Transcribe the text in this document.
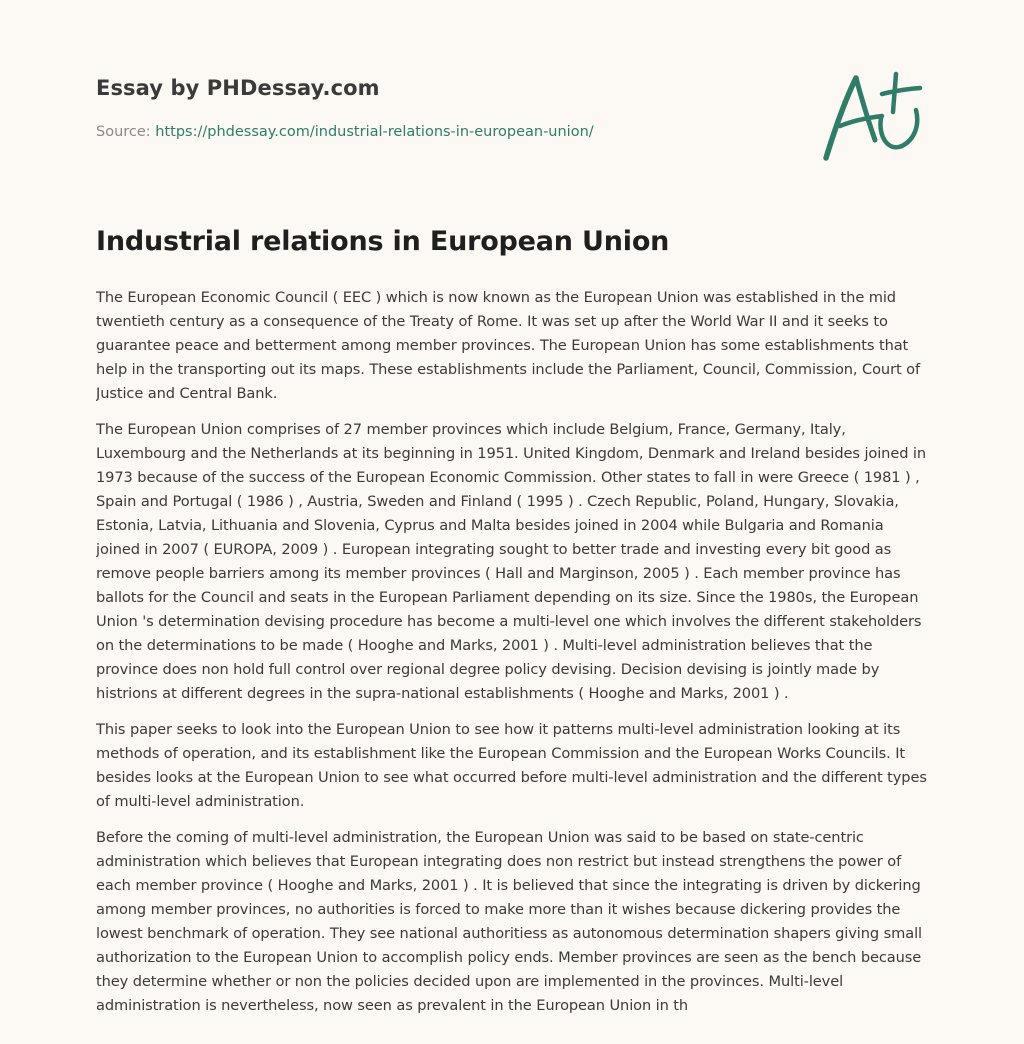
Essay by PHDessay.com
Source: https://phdessay.com/industrial-relations-in-european-union/
Industrial relations in European Union

The European Economic Council ( EEC ) which is now known as the European Union was established in the mid twentieth century as a consequence of the Treaty of Rome. It was set up after the World War II and it seeks to guarantee peace and betterment among member provinces. The European Union has some establishments that help in the transporting out its maps. These establishments include the Parliament, Council, Commission, Court of Justice and Central Bank.

The European Union comprises of 27 member provinces which include Belgium, France, Germany, Italy, Luxembourg and the Netherlands at its beginning in 1951. United Kingdom, Denmark and Ireland besides joined in 1973 because of the success of the European Economic Commission. Other states to fall in were Greece ( 1981 ) , Spain and Portugal ( 1986 ) , Austria, Sweden and Finland ( 1995 ) . Czech Republic, Poland, Hungary, Slovakia, Estonia, Latvia, Lithuania and Slovenia, Cyprus and Malta besides joined in 2004 while Bulgaria and Romania joined in 2007 ( EUROPA, 2009 ) . European integrating sought to better trade and investing every bit good as remove people barriers among its member provinces ( Hall and Marginson, 2005 ) . Each member province has ballots for the Council and seats in the European Parliament depending on its size. Since the 1980s, the European Union 's determination devising procedure has become a multi-level one which involves the different stakeholders on the determinations to be made ( Hooghe and Marks, 2001 ) . Multi-level administration believes that the province does non hold full control over regional degree policy devising. Decision devising is jointly made by histrions at different degrees in the supra-national establishments ( Hooghe and Marks, 2001 ) .

This paper seeks to look into the European Union to see how it patterns multi-level administration looking at its methods of operation, and its establishment like the European Commission and the European Works Councils. It besides looks at the European Union to see what occurred before multi-level administration and the different types of multi-level administration.

Before the coming of multi-level administration, the European Union was said to be based on state-centric administration which believes that European integrating does non restrict but instead strengthens the power of each member province ( Hooghe and Marks, 2001 ) . It is believed that since the integrating is driven by dickering among member provinces, no authorities is forced to make more than it wishes because dickering provides the lowest benchmark of operation. They see national authoritiess as autonomous determination shapers giving small authorization to the European Union to accomplish policy ends. Member provinces are seen as the bench because they determine whether or non the policies decided upon are implemented in the provinces. Multi-level administration is nevertheless, now seen as prevalent in the European Union in th
